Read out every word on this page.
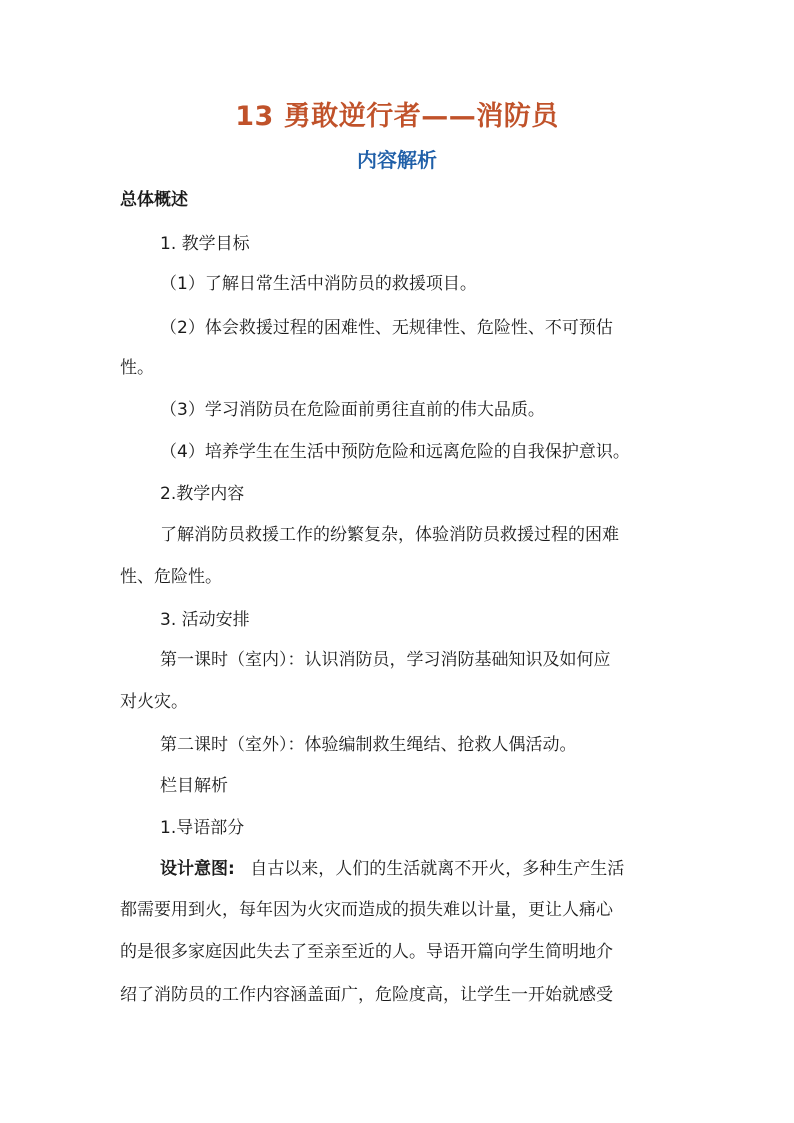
13 勇敢逆行者——消防员
内容解析
总体概述
1. 教学目标
（1）了解日常生活中消防员的救援项目。
（2）体会救援过程的困难性、无规律性、危险性、不可预估
性。
（3）学习消防员在危险面前勇往直前的伟大品质。
（4）培养学生在生活中预防危险和远离危险的自我保护意识。
2.教学内容
了解消防员救援工作的纷繁复杂，体验消防员救援过程的困难
性、危险性。
3. 活动安排
第一课时（室内）：认识消防员，学习消防基础知识及如何应
对火灾。
第二课时（室外）：体验编制救生绳结、抢救人偶活动。
栏目解析
1.导语部分
设计意图: 自古以来，人们的生活就离不开火，多种生产生活
都需要用到火，每年因为火灾而造成的损失难以计量，更让人痛心
的是很多家庭因此失去了至亲至近的人。导语开篇向学生简明地介
绍了消防员的工作内容涵盖面广，危险度高，让学生一开始就感受
